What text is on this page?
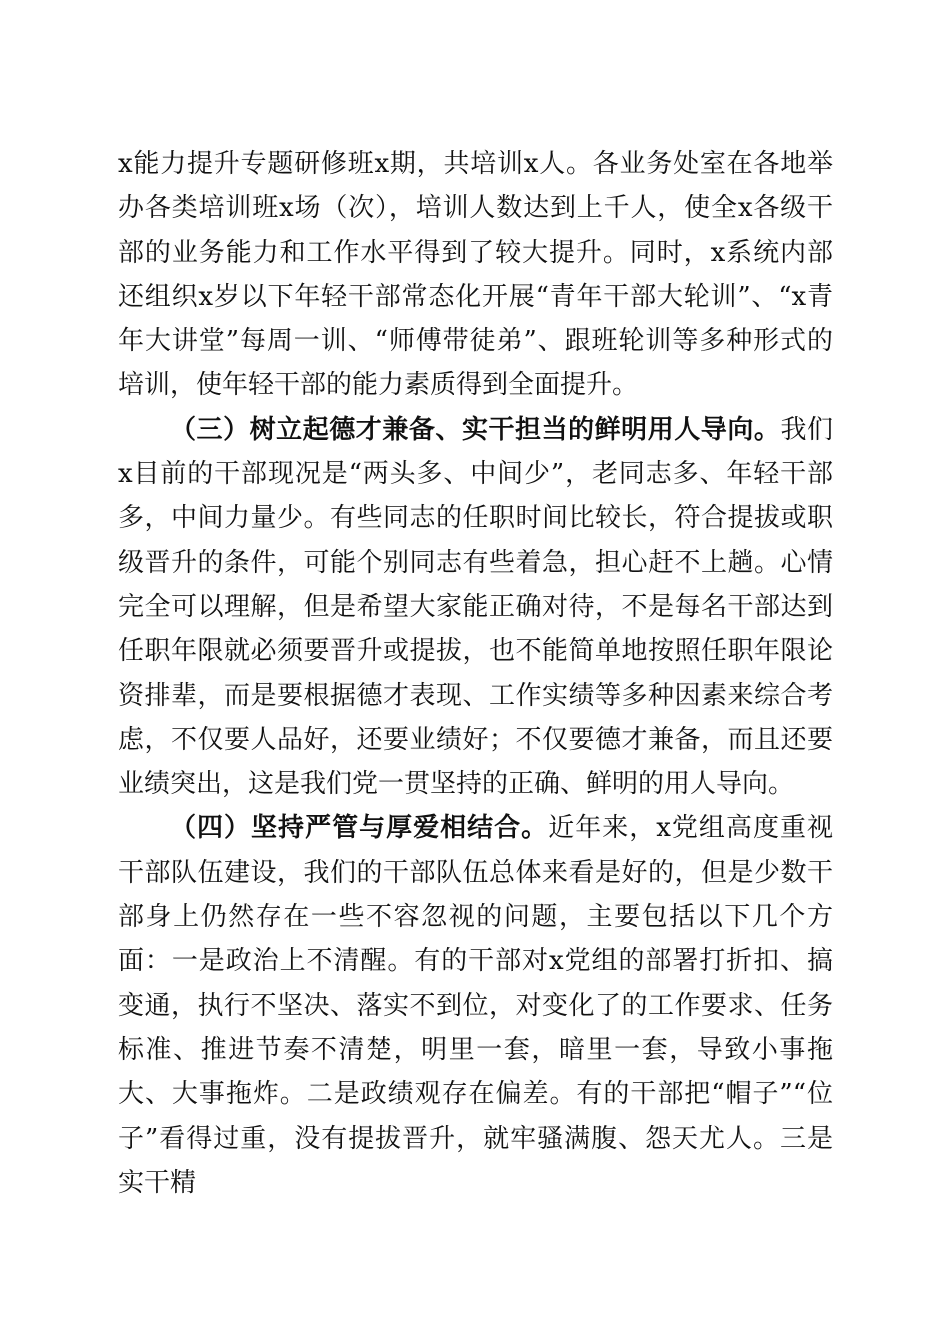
x能力提升专题研修班x期，共培训x人。各业务处室在各地举办各类培训班x场（次），培训人数达到上千人，使全x各级干部的业务能力和工作水平得到了较大提升。同时，x系统内部还组织x岁以下年轻干部常态化开展“青年干部大轮训”、“x青年大讲堂”每周一训、“师傅带徒弟”、跟班轮训等多种形式的培训，使年轻干部的能力素质得到全面提升。

（三）树立起德才兼备、实干担当的鲜明用人导向。我们x目前的干部现况是“两头多、中间少”，老同志多、年轻干部多，中间力量少。有些同志的任职时间比较长，符合提拔或职级晋升的条件，可能个别同志有些着急，担心赶不上趟。心情完全可以理解，但是希望大家能正确对待，不是每名干部达到任职年限就必须要晋升或提拔，也不能简单地按照任职年限论资排辈，而是要根据德才表现、工作实绩等多种因素来综合考虑，不仅要人品好，还要业绩好；不仅要德才兼备，而且还要业绩突出，这是我们党一贯坚持的正确、鲜明的用人导向。

（四）坚持严管与厚爱相结合。近年来，x党组高度重视干部队伍建设，我们的干部队伍总体来看是好的，但是少数干部身上仍然存在一些不容忽视的问题，主要包括以下几个方面：一是政治上不清醒。有的干部对x党组的部署打折扣、搞变通，执行不坚决、落实不到位，对变化了的工作要求、任务标准、推进节奏不清楚，明里一套，暗里一套，导致小事拖大、大事拖炸。二是政绩观存在偏差。有的干部把“帽子”“位子”看得过重，没有提拔晋升，就牢骚满腹、怨天尤人。三是实干精
